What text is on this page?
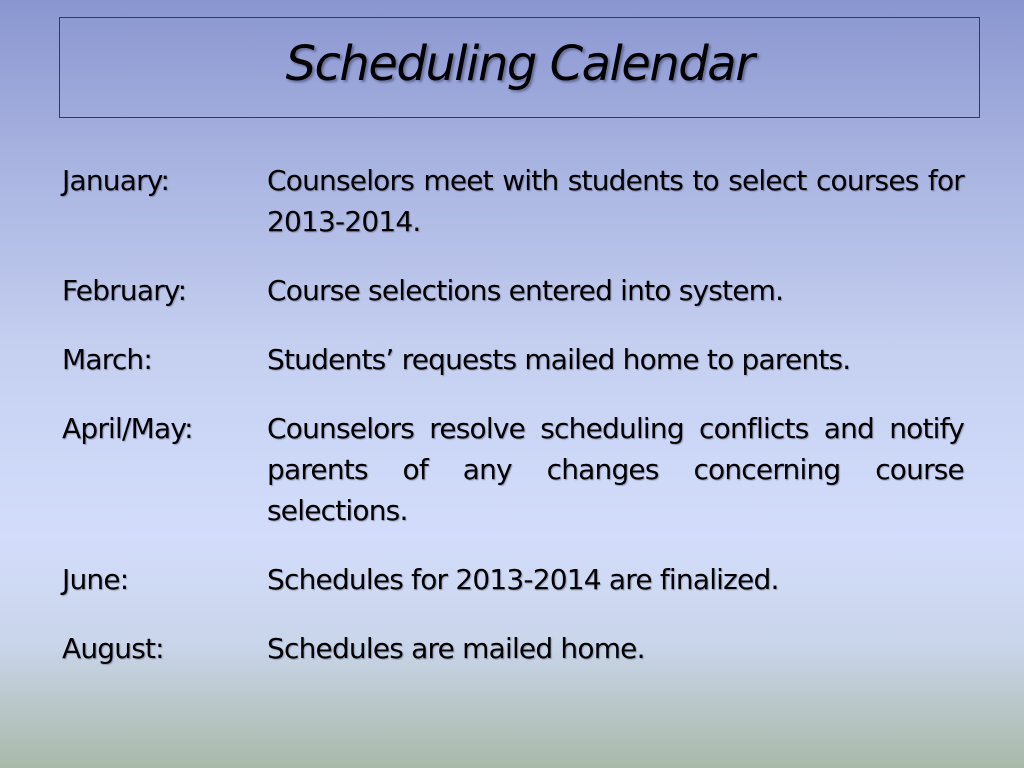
Scheduling Calendar
January:	Counselors meet with students to select courses for 2013-2014.
February:	Course selections entered into system.
March:	Students’ requests mailed home to parents.
April/May:	Counselors resolve scheduling conflicts and notify parents of any changes concerning course selections.
June:	Schedules for 2013-2014 are finalized.
August:	Schedules are mailed home.
